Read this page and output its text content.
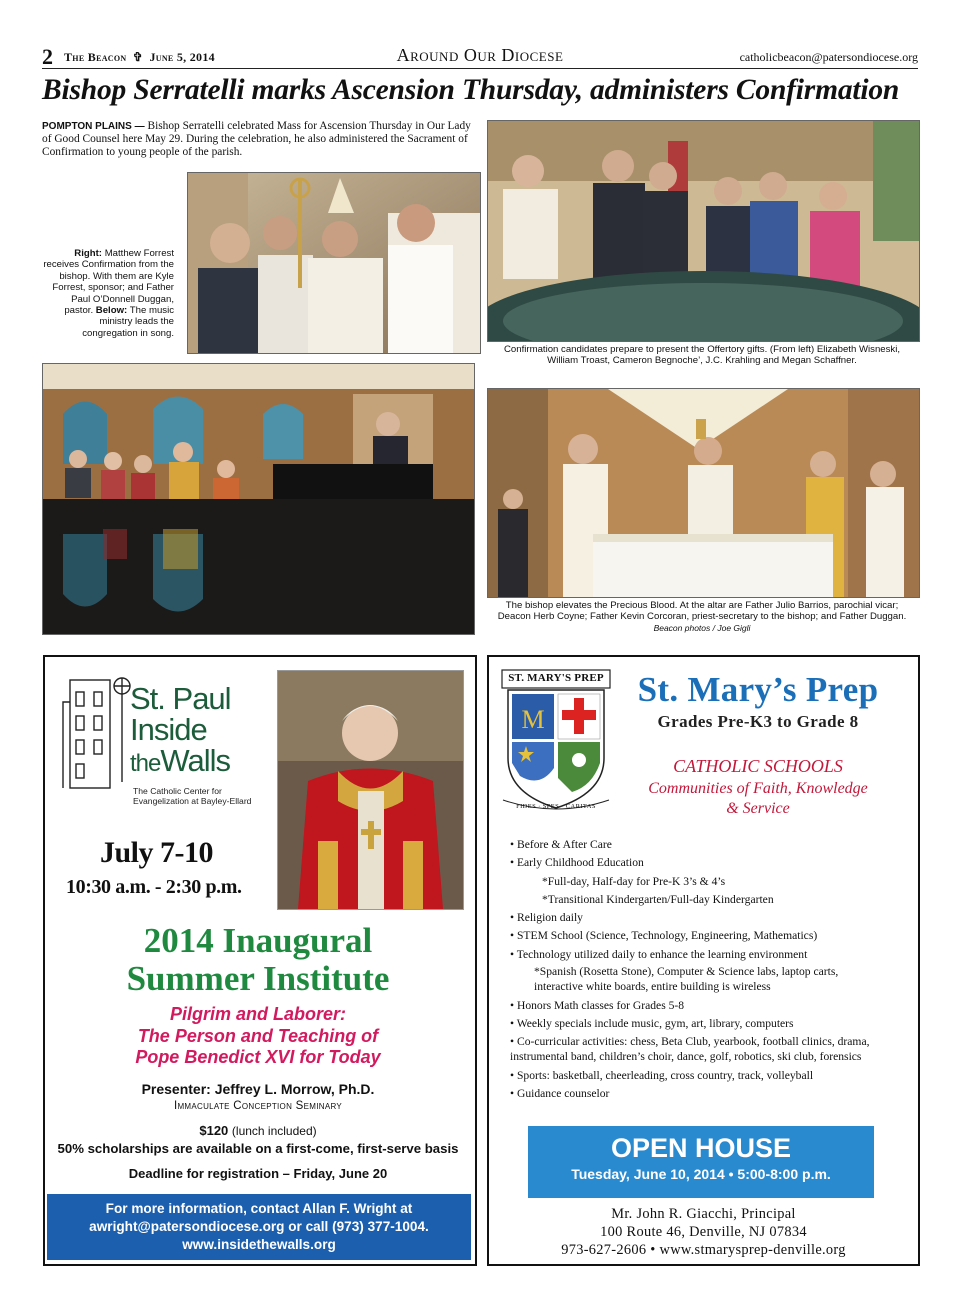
2 The Beacon ✞ June 5, 2014	Around Our Diocese	catholicbeacon@patersondiocese.org
Bishop Serratelli marks Ascension Thursday, administers Confirmation
POMPTON PLAINS — Bishop Serratelli celebrated Mass for Ascension Thursday in Our Lady of Good Counsel here May 29. During the celebration, he also administered the Sacrament of Confirmation to young people of the parish.
Right: Matthew Forrest receives Confirmation from the bishop. With them are Kyle Forrest, sponsor; and Father Paul O’Donnell Duggan, pastor. Below: The music ministry leads the congregation in song.
Confirmation candidates prepare to present the Offertory gifts. (From left) Elizabeth Wisneski, William Troast, Cameron Begnoche’, J.C. Krahling and Megan Schaffner.
The bishop elevates the Precious Blood. At the altar are Father Julio Barrios, parochial vicar; Deacon Herb Coyne; Father Kevin Corcoran, priest-secretary to the bishop; and Father Duggan. Beacon photos / Joe Gigli
St. Paul
Inside
theWalls
The Catholic Center for
Evangelization at Bayley-Ellard
July 7-10
10:30 a.m. - 2:30 p.m.
2014 Inaugural
Summer Institute
Pilgrim and Laborer:
The Person and Teaching of
Pope Benedict XVI for Today
Presenter: Jeffrey L. Morrow, Ph.D.
Immaculate Conception Seminary
$120 (lunch included)
50% scholarships are available on a first-come, first-serve basis
Deadline for registration – Friday, June 20
For more information, contact Allan F. Wright at
awright@patersondiocese.org or call (973) 377-1004.
www.insidethewalls.org
M
ST. MARY'S PREP
FIDES · SPES · CARITAS
St. Mary’s Prep
Grades Pre-K3 to Grade 8
CATHOLIC SCHOOLS
Communities of Faith, Knowledge
& Service
• Before & After Care
• Early Childhood Education
*Full-day, Half-day for Pre-K 3’s & 4’s
*Transitional Kindergarten/Full-day Kindergarten
• Religion daily
• STEM School (Science, Technology, Engineering, Mathematics)
• Technology utilized daily to enhance the learning environment
*Spanish (Rosetta Stone), Computer & Science labs, laptop carts, interactive white boards, entire building is wireless
• Honors Math classes for Grades 5-8
• Weekly specials include music, gym, art, library, computers
• Co-curricular activities: chess, Beta Club, yearbook, football clinics, drama, instrumental band, children’s choir, dance, golf, robotics, ski club, forensics
• Sports: basketball, cheerleading, cross country, track, volleyball
• Guidance counselor
OPEN HOUSE
Tuesday, June 10, 2014 • 5:00-8:00 p.m.
Mr. John R. Giacchi, Principal
100 Route 46, Denville, NJ 07834
973-627-2606 • www.stmarysprep-denville.org
